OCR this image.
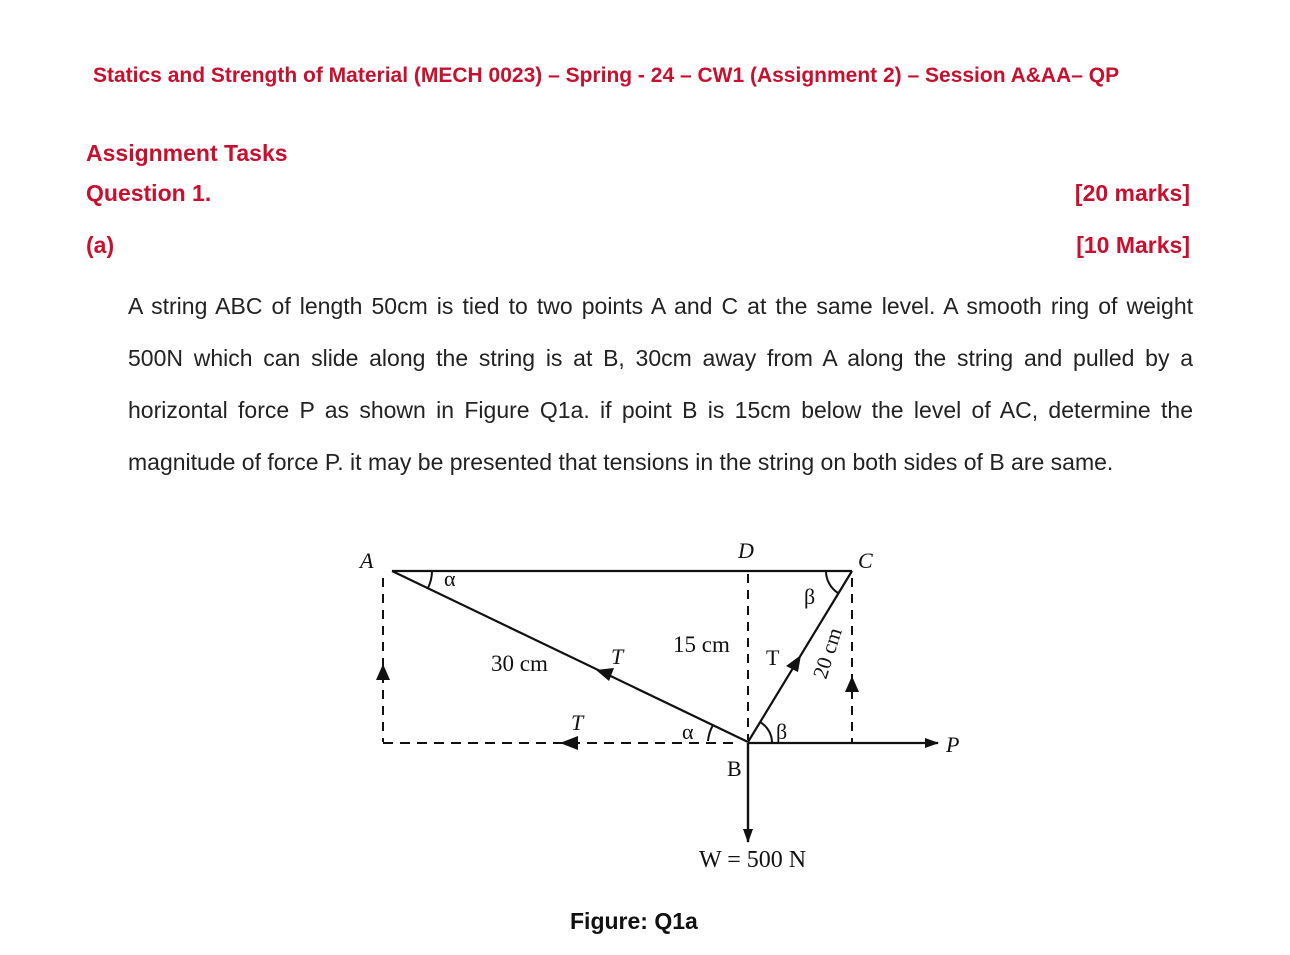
Statics and Strength of Material (MECH 0023) – Spring - 24 – CW1 (Assignment 2) – Session A&AA– QP
Assignment Tasks
Question 1.	[20 marks]
(a)	[10 Marks]

A string ABC of length 50cm is tied to two points A and C at the same level. A smooth ring of weight 500N which can slide along the string is at B, 30cm away from A along the string and pulled by a horizontal force P as shown in Figure Q1a. if point B is 15cm below the level of AC, determine the magnitude of force P. it may be presented that tensions in the string on both sides of B are same.

A	C
D
B
α
β
α	β
30 cm
15 cm	20 cm
T
T
T
P
W = 500 N
Figure: Q1a
